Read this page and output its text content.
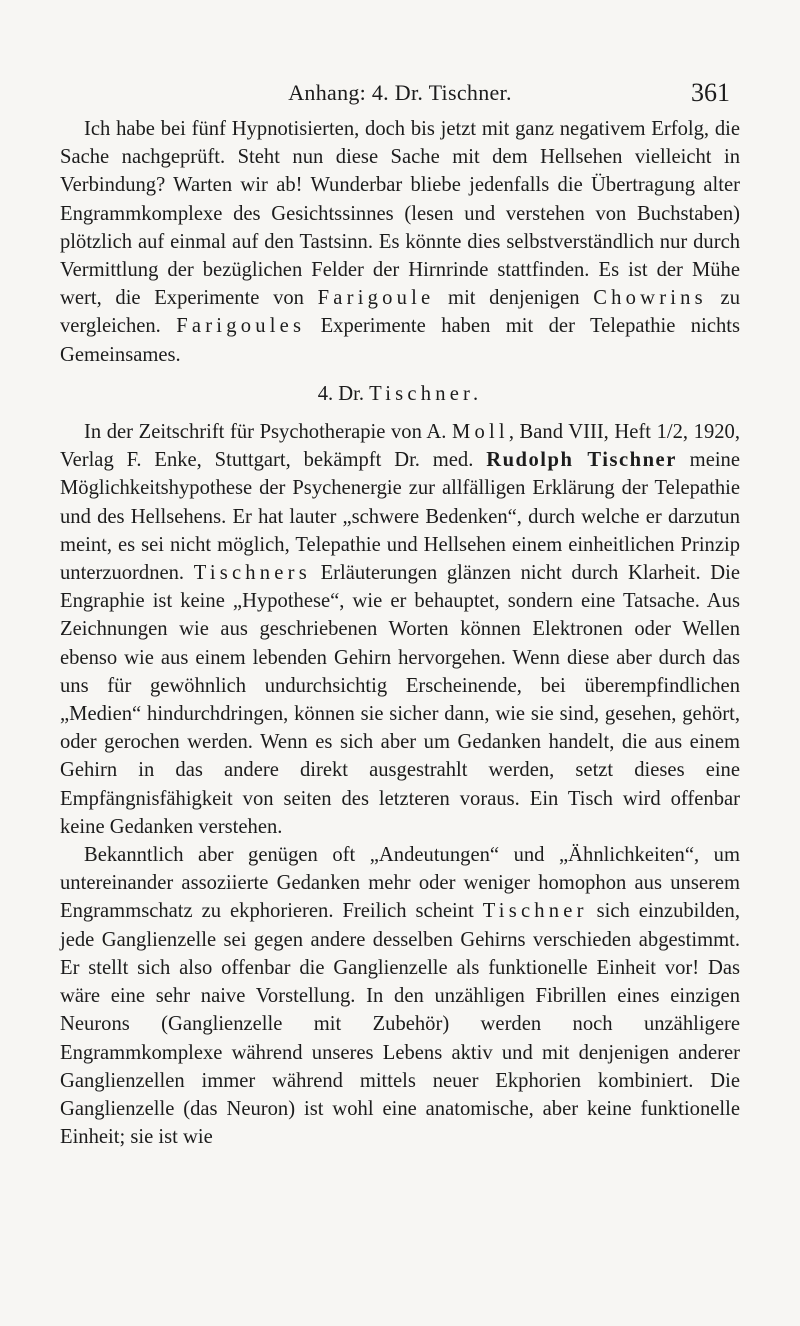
Anhang: 4. Dr. Tischner.	361

Ich habe bei fünf Hypnotisierten, doch bis jetzt mit ganz negativem Erfolg, die Sache nachgeprüft. Steht nun diese Sache mit dem Hellsehen vielleicht in Verbindung? Warten wir ab! Wunderbar bliebe jedenfalls die Übertragung alter Engrammkomplexe des Gesichtssinnes (lesen und verstehen von Buchstaben) plötzlich auf einmal auf den Tastsinn. Es könnte dies selbstverständlich nur durch Vermittlung der bezüglichen Felder der Hirnrinde stattfinden. Es ist der Mühe wert, die Experimente von Farigoule mit denjenigen Chowrins zu vergleichen. Farigoules Experimente haben mit der Telepathie nichts Gemeinsames.

4. Dr. Tischner.

In der Zeitschrift für Psychotherapie von A. Moll, Band VIII, Heft 1/2, 1920, Verlag F. Enke, Stuttgart, bekämpft Dr. med. Rudolph Tischner meine Möglichkeitshypothese der Psychenergie zur allfälligen Erklärung der Telepathie und des Hellsehens. Er hat lauter „schwere Bedenken“, durch welche er darzutun meint, es sei nicht möglich, Telepathie und Hellsehen einem einheitlichen Prinzip unterzuordnen. Tischners Erläuterungen glänzen nicht durch Klarheit. Die Engraphie ist keine „Hypothese“, wie er behauptet, sondern eine Tatsache. Aus Zeichnungen wie aus geschriebenen Worten können Elektronen oder Wellen ebenso wie aus einem lebenden Gehirn hervorgehen. Wenn diese aber durch das uns für gewöhnlich undurchsichtig Erscheinende, bei überempfindlichen „Medien“ hindurchdringen, können sie sicher dann, wie sie sind, gesehen, gehört, oder gerochen werden. Wenn es sich aber um Gedanken handelt, die aus einem Gehirn in das andere direkt ausgestrahlt werden, setzt dieses eine Empfängnisfähigkeit von seiten des letzteren voraus. Ein Tisch wird offenbar keine Gedanken verstehen.

Bekanntlich aber genügen oft „Andeutungen“ und „Ähnlichkeiten“, um untereinander assoziierte Gedanken mehr oder weniger homophon aus unserem Engrammschatz zu ekphorieren. Freilich scheint Tischner sich einzubilden, jede Ganglienzelle sei gegen andere desselben Gehirns verschieden abgestimmt. Er stellt sich also offenbar die Ganglienzelle als funktionelle Einheit vor! Das wäre eine sehr naive Vorstellung. In den unzähligen Fibrillen eines einzigen Neurons (Ganglienzelle mit Zubehör) werden noch unzähligere Engrammkomplexe während unseres Lebens aktiv und mit denjenigen anderer Ganglienzellen immer während mittels neuer Ekphorien kombiniert. Die Ganglienzelle (das Neuron) ist wohl eine anatomische, aber keine funktionelle Einheit; sie ist wie
